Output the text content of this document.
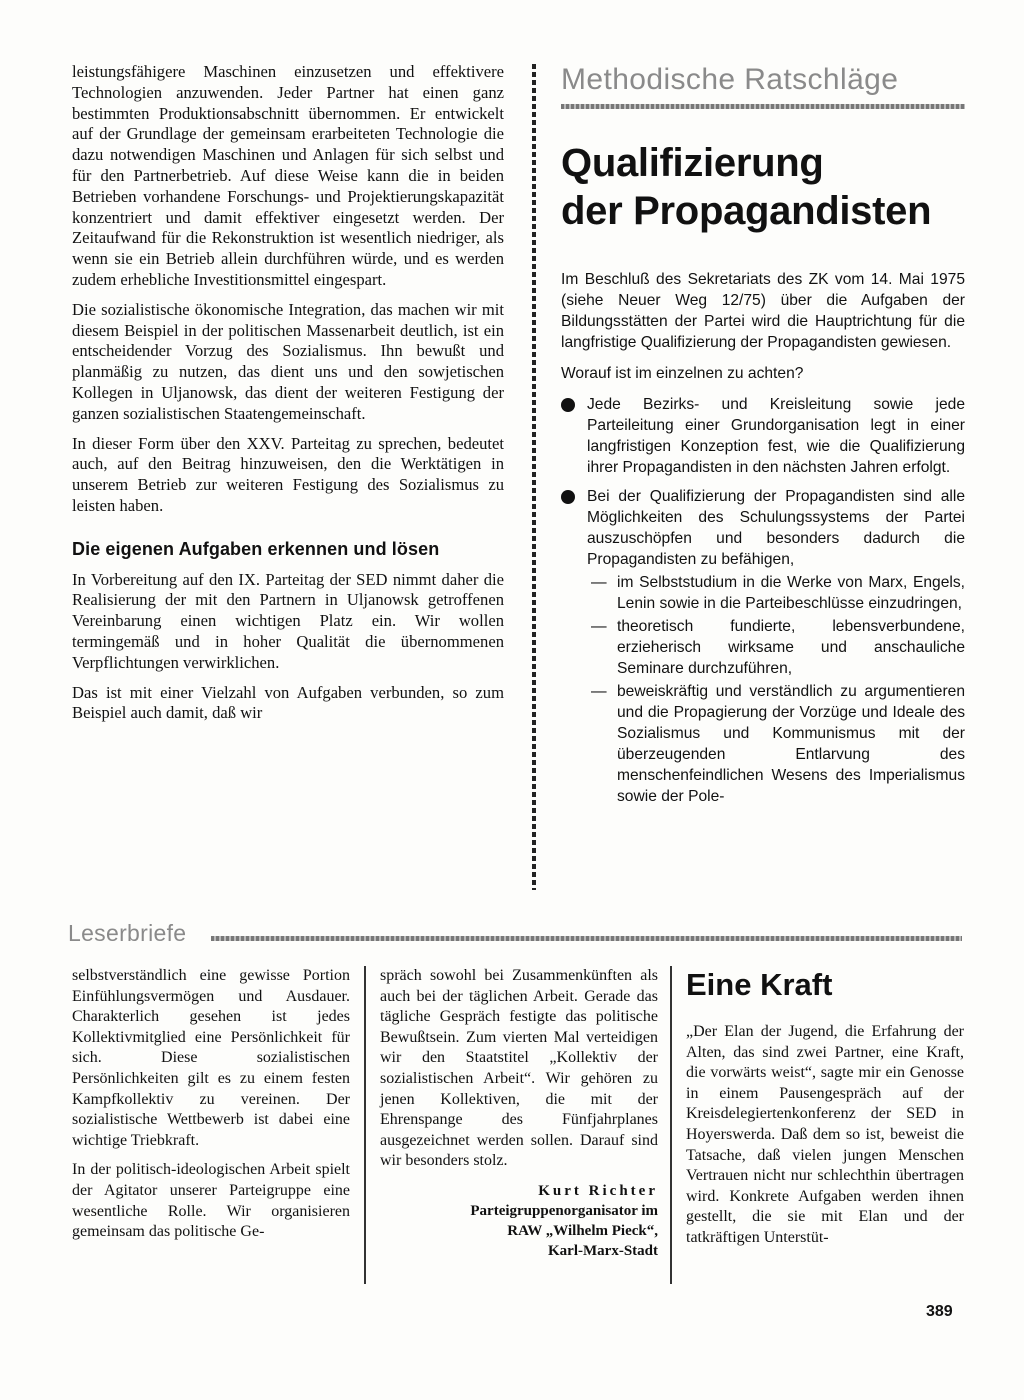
leistungsfähigere Maschinen einzusetzen und effektivere Technologien anzuwenden. Jeder Partner hat einen ganz bestimmten Produktionsabschnitt übernommen. Er entwickelt auf der Grundlage der gemeinsam erarbeiteten Technologie die dazu notwendigen Maschinen und Anlagen für sich selbst und für den Partnerbetrieb. Auf diese Weise kann die in beiden Betrieben vorhandene Forschungs- und Projektierungskapazität konzentriert und damit effektiver eingesetzt werden. Der Zeitaufwand für die Rekonstruktion ist wesentlich niedriger, als wenn sie ein Betrieb allein durchführen würde, und es werden zudem erhebliche Investitionsmittel eingespart.

Die sozialistische ökonomische Integration, das machen wir mit diesem Beispiel in der politischen Massenarbeit deutlich, ist ein entscheidender Vorzug des Sozialismus. Ihn bewußt und planmäßig zu nutzen, das dient uns und den sowjetischen Kollegen in Uljanowsk, das dient der weiteren Festigung der ganzen sozialistischen Staatengemeinschaft.

In dieser Form über den XXV. Parteitag zu sprechen, bedeutet auch, auf den Beitrag hinzuweisen, den die Werktätigen in unserem Betrieb zur weiteren Festigung des Sozialismus zu leisten haben.

Die eigenen Aufgaben erkennen und lösen

In Vorbereitung auf den IX. Parteitag der SED nimmt daher die Realisierung der mit den Partnern in Uljanowsk getroffenen Vereinbarung einen wichtigen Platz ein. Wir wollen termingemäß und in hoher Qualität die übernommenen Verpflichtungen verwirklichen.

Das ist mit einer Vielzahl von Aufgaben verbunden, so zum Beispiel auch damit, daß wir

Methodische Ratschläge
Qualifizierung
der Propagandisten

Im Beschluß des Sekretariats des ZK vom 14. Mai 1975 (siehe Neuer Weg 12/75) über die Aufgaben der Bildungsstätten der Partei wird die Hauptrichtung für die langfristige Qualifizierung der Propagandisten gewiesen.

Worauf ist im einzelnen zu achten?

Jede Bezirks- und Kreisleitung sowie jede Parteileitung einer Grundorganisation legt in einer langfristigen Konzeption fest, wie die Qualifizierung ihrer Propagandisten in den nächsten Jahren erfolgt.
Bei der Qualifizierung der Propagandisten sind alle Möglichkeiten des Schulungssystems der Partei auszuschöpfen und besonders dadurch die Propagandisten zu befähigen,
— im Selbststudium in die Werke von Marx, Engels, Lenin sowie in die Parteibeschlüsse einzudringen,
— theoretisch fundierte, lebensverbundene, erzieherisch wirksame und anschauliche Seminare durchzuführen,
— beweiskräftig und verständlich zu argumentieren und die Propagierung der Vorzüge und Ideale des Sozialismus und Kommunismus mit der überzeugenden Entlarvung des menschenfeindlichen Wesens des Imperialismus sowie der Pole-
Leserbriefe

selbstverständlich eine gewisse Portion Einfühlungsvermögen und Ausdauer. Charakterlich gesehen ist jedes Kollektivmitglied eine Persönlichkeit für sich. Diese sozialistischen Persönlichkeiten gilt es zu einem festen Kampfkollektiv zu vereinen. Der sozialistische Wettbewerb ist dabei eine wichtige Triebkraft.

In der politisch-ideologischen Arbeit spielt der Agitator unserer Parteigruppe eine wesentliche Rolle. Wir organisieren gemeinsam das politische Ge-

spräch sowohl bei Zusammenkünften als auch bei der täglichen Arbeit. Gerade das tägliche Gespräch festigte das politische Bewußtsein. Zum vierten Mal verteidigen wir den Staatstitel „Kollektiv der sozialistischen Arbeit“. Wir gehören zu jenen Kollektiven, die mit der Ehrenspange des Fünfjahrplanes ausgezeichnet werden sollen. Darauf sind wir besonders stolz.

Kurt Richter
Parteigruppenorganisator im
RAW „Wilhelm Pieck“,
Karl-Marx-Stadt
Eine Kraft

„Der Elan der Jugend, die Erfahrung der Alten, das sind zwei Partner, eine Kraft, die vorwärts weist“, sagte mir ein Genosse in einem Pausengespräch auf der Kreisdelegiertenkonferenz der SED in Hoyerswerda. Daß dem so ist, beweist die Tatsache, daß vielen jungen Menschen Vertrauen nicht nur schlechthin übertragen wird. Konkrete Aufgaben werden ihnen gestellt, die sie mit Elan und der tatkräftigen Unterstüt-

389
